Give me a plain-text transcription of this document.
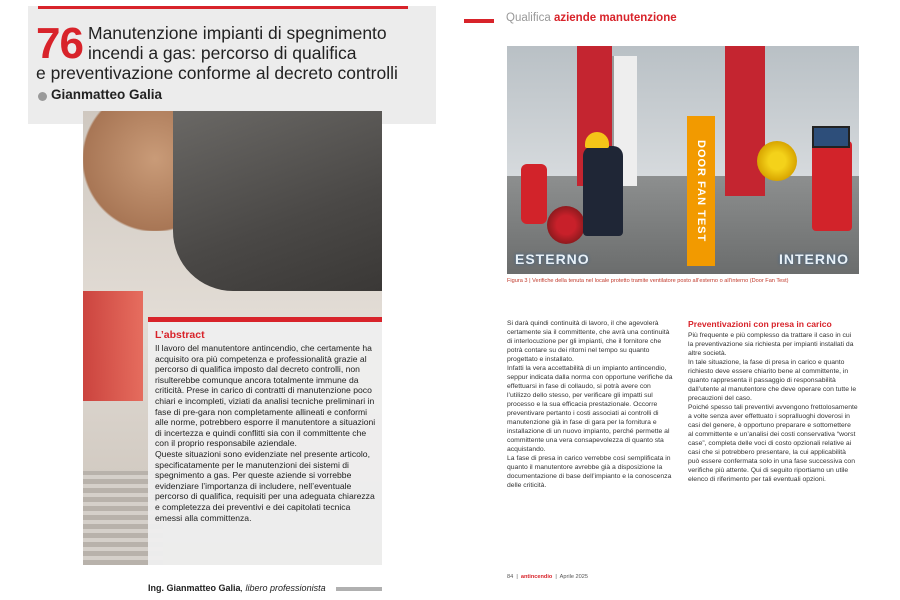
76 Manutenzione impianti di spegnimento
incendi a gas: percorso di qualifica
e preventivazione conforme al decreto controlli
Gianmatteo Galia
L’abstract

Il lavoro del manutentore antincendio, che certamente ha acquisito ora più competenza e professionalità grazie al percorso di qualifica imposto dal decreto controlli, non risulterebbe comunque ancora totalmente immune da criticità. Prese in carico di contratti di manutenzione poco chiari e incompleti, viziati da analisi tecniche preliminari in fase di pre-gara non completamente allineati e conformi alle norme, potrebbero esporre il manutentore a situazioni di incertezza e quindi conflitti sia con il committente che con il proprio responsabile aziendale.

Queste situazioni sono evidenziate nel presente articolo, specificatamente per le manutenzioni dei sistemi di spegnimento a gas. Per queste aziende si vorrebbe evidenziare l’importanza di includere, nell’eventuale percorso di qualifica, requisiti per una adeguata chiarezza e completezza dei preventivi e dei capitolati tecnica emessi alla committenza.

Ing. Gianmatteo Galia, libero professionista
Qualifica aziende manutenzione
DOOR FAN TEST
ESTERNO	INTERNO
Figura 3 | Verifiche della tenuta nel locale protetto tramite ventilatore posto all’esterno o all’interno (Door Fan Test)

Si darà quindi continuità di lavoro, il che agevolerà certamente sia il committente, che avrà una continuità di interlocuzione per gli impianti, che il fornitore che potrà contare su dei ritorni nel tempo su quanto progettato e installato.

Infatti la vera accettabilità di un impianto antincendio, seppur indicata dalla norma con opportune verifiche da effettuarsi in fase di collaudo, si potrà avere con l’utilizzo dello stesso, per verificare gli impatti sul processo e la sua efficacia prestazionale. Occorre preventivare pertanto i costi associati ai controlli di manutenzione già in fase di gara per la fornitura e installazione di un nuovo impianto, perché permette al committente una vera consapevolezza di quanto sta acquistando.

La fase di presa in carico verrebbe così semplificata in quanto il manutentore avrebbe già a disposizione la documentazione di base dell’impianto e la conoscenza delle criticità.

Preventivazioni con presa in carico

Più frequente e più complesso da trattare il caso in cui la preventivazione sia richiesta per impianti installati da altre società.

In tale situazione, la fase di presa in carico e quanto richiesto deve essere chiarito bene al committente, in quanto rappresenta il passaggio di responsabilità dall’utente al manutentore che deve operare con tutte le precauzioni del caso.

Poiché spesso tali preventivi avvengono frettolosamente a volte senza aver effettuato i sopralluoghi doverosi in casi del genere, è opportuno preparare e sottomettere al committente e un’analisi dei costi conservativa “worst case”, completa delle voci di costo opzionali relative ai casi che si potrebbero presentare, la cui applicabilità può essere confermata solo in una fase successiva con verifiche più attente. Qui di seguito riportiamo un utile elenco di riferimento per tali eventuali opzioni.

84  |  antincendio  |  Aprile 2025
